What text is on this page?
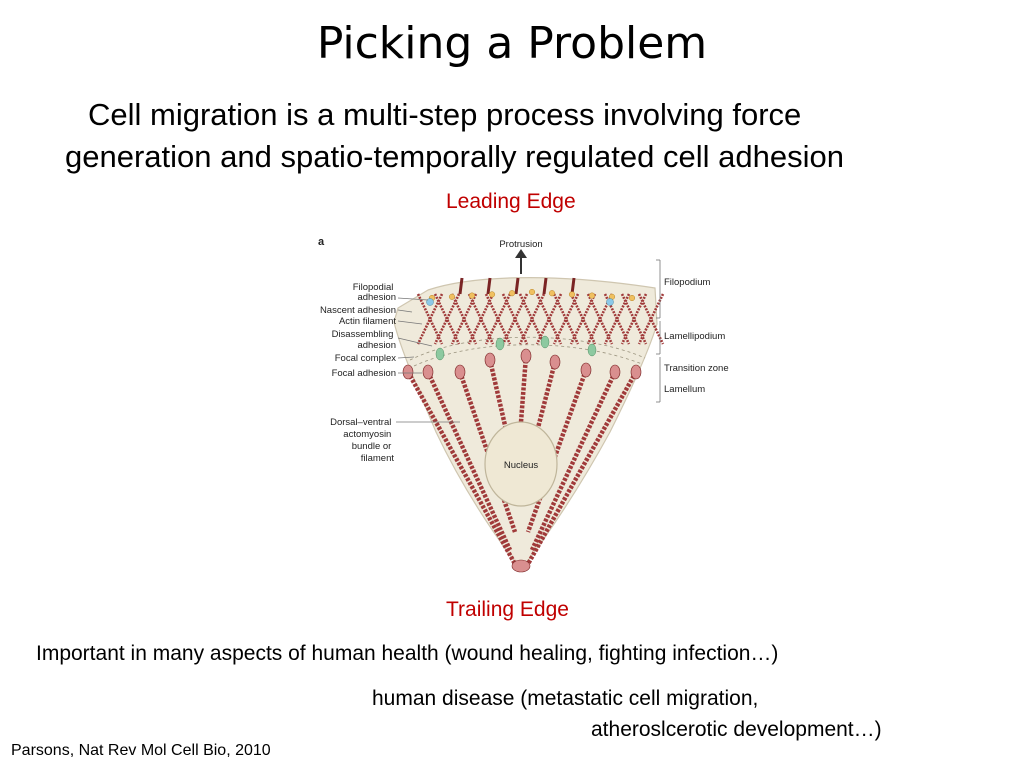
Picking a Problem
Cell migration is a multi-step process involving force
generation and spatio-temporally regulated cell adhesion
Leading Edge
Nucleus
Protrusion
a
Filopodial adhesion
Nascent adhesion
Actin filament
Disassembling adhesion
Focal complex
Focal adhesion
Dorsal–ventral actomyosin bundle or filament
Filopodium
Lamellipodium
Transition zone
Lamellum
Trailing Edge
Important in many aspects of human health (wound healing, fighting infection…)
human disease (metastatic cell migration,
atheroslcerotic development…)
Parsons, Nat Rev Mol Cell Bio, 2010
